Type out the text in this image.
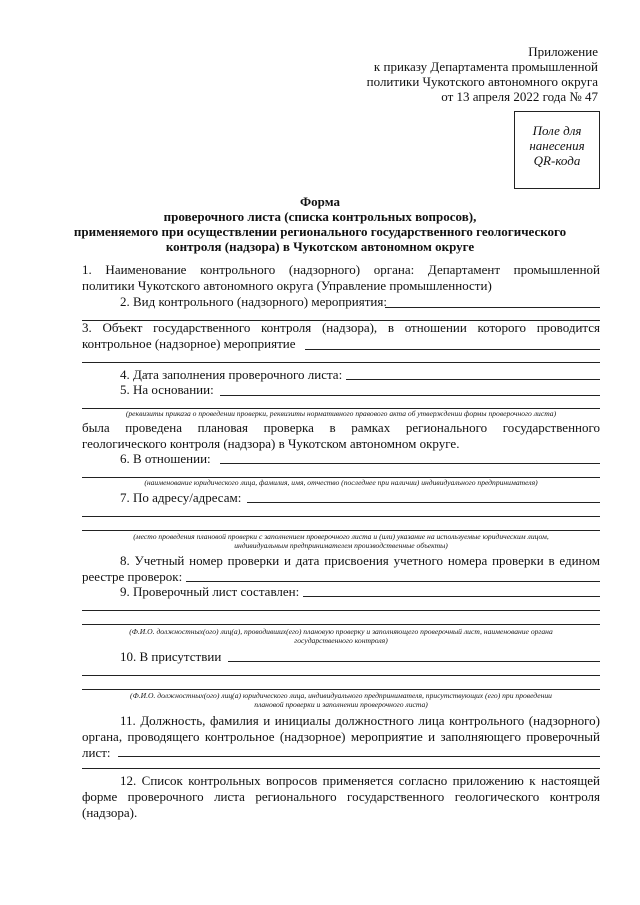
Приложение
к приказу Департамента промышленной
политики Чукотского автономного округа
от 13 апреля 2022 года № 47
Поле для
нанесения
QR-кода
Форма
проверочного листа (списка контрольных вопросов),
применяемого при осуществлении регионального государственного геологического
контроля (надзора) в Чукотском автономном округе
1. Наименование контрольного (надзорного) органа: Департамент промышленной
политики Чукотского автономного округа (Управление промышленности)
2. Вид контрольного (надзорного) мероприятия:
3. Объект государственного контроля (надзора), в отношении которого проводится
контрольное (надзорное) мероприятие
4. Дата заполнения проверочного листа:
5. На основании:
(реквизиты приказа о проведении проверки, реквизиты нормативного правового акта об утверждении формы проверочного листа)
была проведена плановая проверка в рамках регионального государственного
геологического контроля (надзора) в Чукотском автономном округе.
6. В отношении:
(наименование юридического лица, фамилия, имя, отчество (последнее при наличии) индивидуального предпринимателя)
7. По адресу/адресам:
(место проведения плановой проверки с заполнением проверочного листа и (или) указание на используемые юридическим лицом,
индивидуальным предпринимателем производственные объекты)
8. Учетный номер проверки и дата присвоения учетного номера проверки в едином
реестре проверок:
9. Проверочный лист составлен:
(Ф.И.О. должностных(ого) лиц(а), проводивших(его) плановую проверку и заполняющего проверочный лист, наименование органа
государственного контроля)
10. В присутствии
(Ф.И.О. должностных(ого) лиц(а) юридического лица, индивидуального предпринимателя, присутствующих (его) при проведении
плановой проверки и заполнении проверочного листа)
11. Должность, фамилия и инициалы должностного лица контрольного (надзорного)
органа, проводящего контрольное (надзорное) мероприятие и заполняющего проверочный
лист:
12. Список контрольных вопросов применяется согласно приложению к настоящей
форме проверочного листа регионального государственного геологического контроля
(надзора).
